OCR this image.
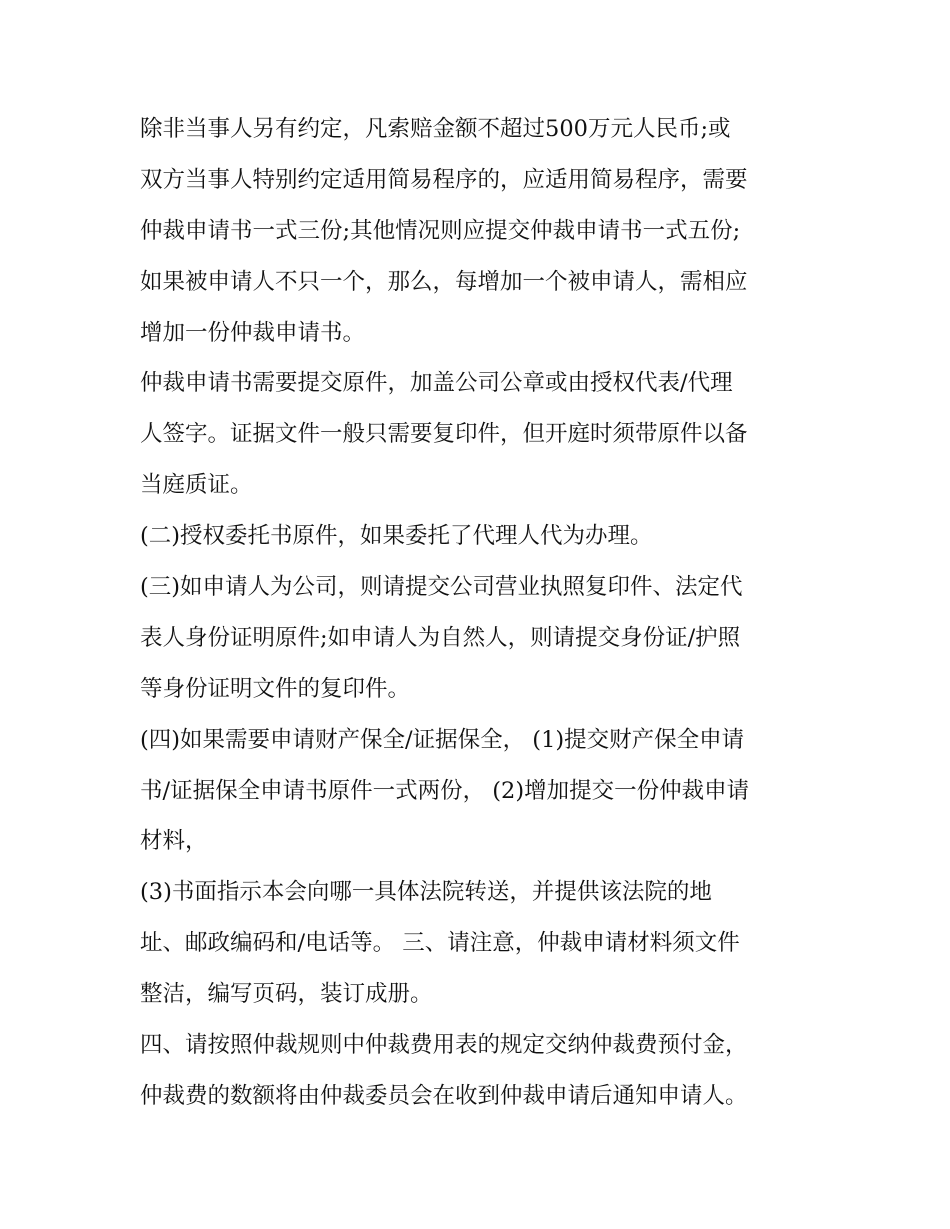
除非当事人另有约定，凡索赔金额不超过500万元人民币;或
双方当事人特别约定适用简易程序的，应适用简易程序，需要
仲裁申请书一式三份;其他情况则应提交仲裁申请书一式五份;
如果被申请人不只一个，那么，每增加一个被申请人，需相应
增加一份仲裁申请书。
仲裁申请书需要提交原件，加盖公司公章或由授权代表/代理
人签字。证据文件一般只需要复印件，但开庭时须带原件以备
当庭质证。
(二)授权委托书原件，如果委托了代理人代为办理。
(三)如申请人为公司，则请提交公司营业执照复印件、法定代
表人身份证明原件;如申请人为自然人，则请提交身份证/护照
等身份证明文件的复印件。
(四)如果需要申请财产保全/证据保全， (1)提交财产保全申请
书/证据保全申请书原件一式两份， (2)增加提交一份仲裁申请
材料，
(3)书面指示本会向哪一具体法院转送，并提供该法院的地
址、邮政编码和/电话等。 三、请注意，仲裁申请材料须文件
整洁，编写页码，装订成册。
四、请按照仲裁规则中仲裁费用表的规定交纳仲裁费预付金，
仲裁费的数额将由仲裁委员会在收到仲裁申请后通知申请人。
